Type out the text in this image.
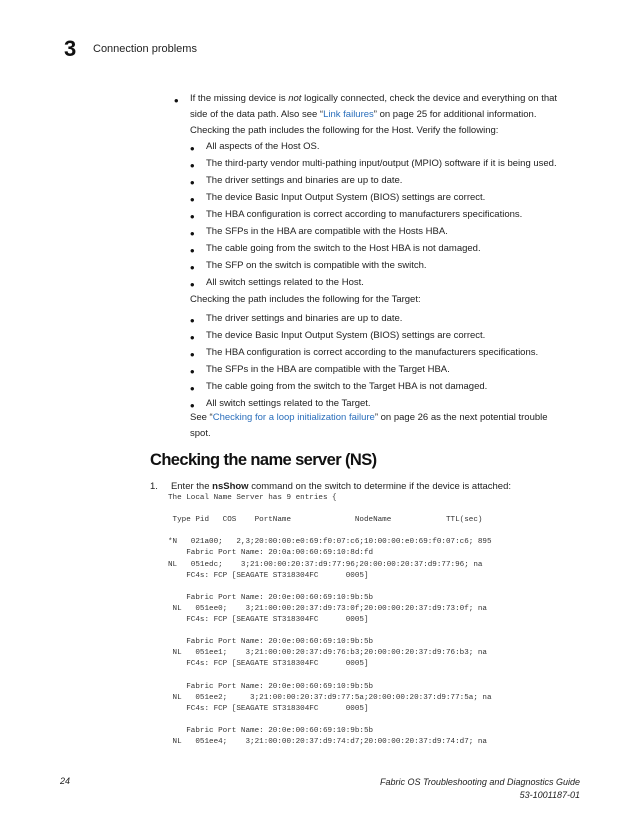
3 Connection problems
• If the missing device is not logically connected, check the device and everything on that
side of the data path. Also see “Link failures” on page 25 for additional information.
Checking the path includes the following for the Host. Verify the following:
• All aspects of the Host OS.
• The third-party vendor multi-pathing input/output (MPIO) software if it is being used.
• The driver settings and binaries are up to date.
• The device Basic Input Output System (BIOS) settings are correct.
• The HBA configuration is correct according to manufacturers specifications.
• The SFPs in the HBA are compatible with the Hosts HBA.
• The cable going from the switch to the Host HBA is not damaged.
• The SFP on the switch is compatible with the switch.
• All switch settings related to the Host.
Checking the path includes the following for the Target:
• The driver settings and binaries are up to date.
• The device Basic Input Output System (BIOS) settings are correct.
• The HBA configuration is correct according to the manufacturers specifications.
• The SFPs in the HBA are compatible with the Target HBA.
• The cable going from the switch to the Target HBA is not damaged.
• All switch settings related to the Target.
See “Checking for a loop initialization failure” on page 26 as the next potential trouble
spot.
Checking the name server (NS)
1. Enter the nsShow command on the switch to determine if the device is attached:
The Local Name Server has 9 entries {

Type Pid   COS    PortName              NodeName            TTL(sec)

*N   021a00;   2,3;20:00:00:e0:69:f0:07:c6;10:00:00:e0:69:f0:07:c6; 895
Fabric Port Name: 20:0a:00:60:69:10:8d:fd
NL   051edc;    3;21:00:00:20:37:d9:77:96;20:00:00:20:37:d9:77:96; na
FC4s: FCP [SEAGATE ST318304FC      0005]

Fabric Port Name: 20:0e:00:60:69:10:9b:5b
NL   051ee0;    3;21:00:00:20:37:d9:73:0f;20:00:00:20:37:d9:73:0f; na
FC4s: FCP [SEAGATE ST318304FC      0005]

Fabric Port Name: 20:0e:00:60:69:10:9b:5b
NL   051ee1;    3;21:00:00:20:37:d9:76:b3;20:00:00:20:37:d9:76:b3; na
FC4s: FCP [SEAGATE ST318304FC      0005]

Fabric Port Name: 20:0e:00:60:69:10:9b:5b
NL   051ee2;     3;21:00:00:20:37:d9:77:5a;20:00:00:20:37:d9:77:5a; na
FC4s: FCP [SEAGATE ST318304FC      0005]

Fabric Port Name: 20:0e:00:60:69:10:9b:5b
NL   051ee4;    3;21:00:00:20:37:d9:74:d7;20:00:00:20:37:d9:74:d7; na
24	Fabric OS Troubleshooting and Diagnostics Guide
53-1001187-01
